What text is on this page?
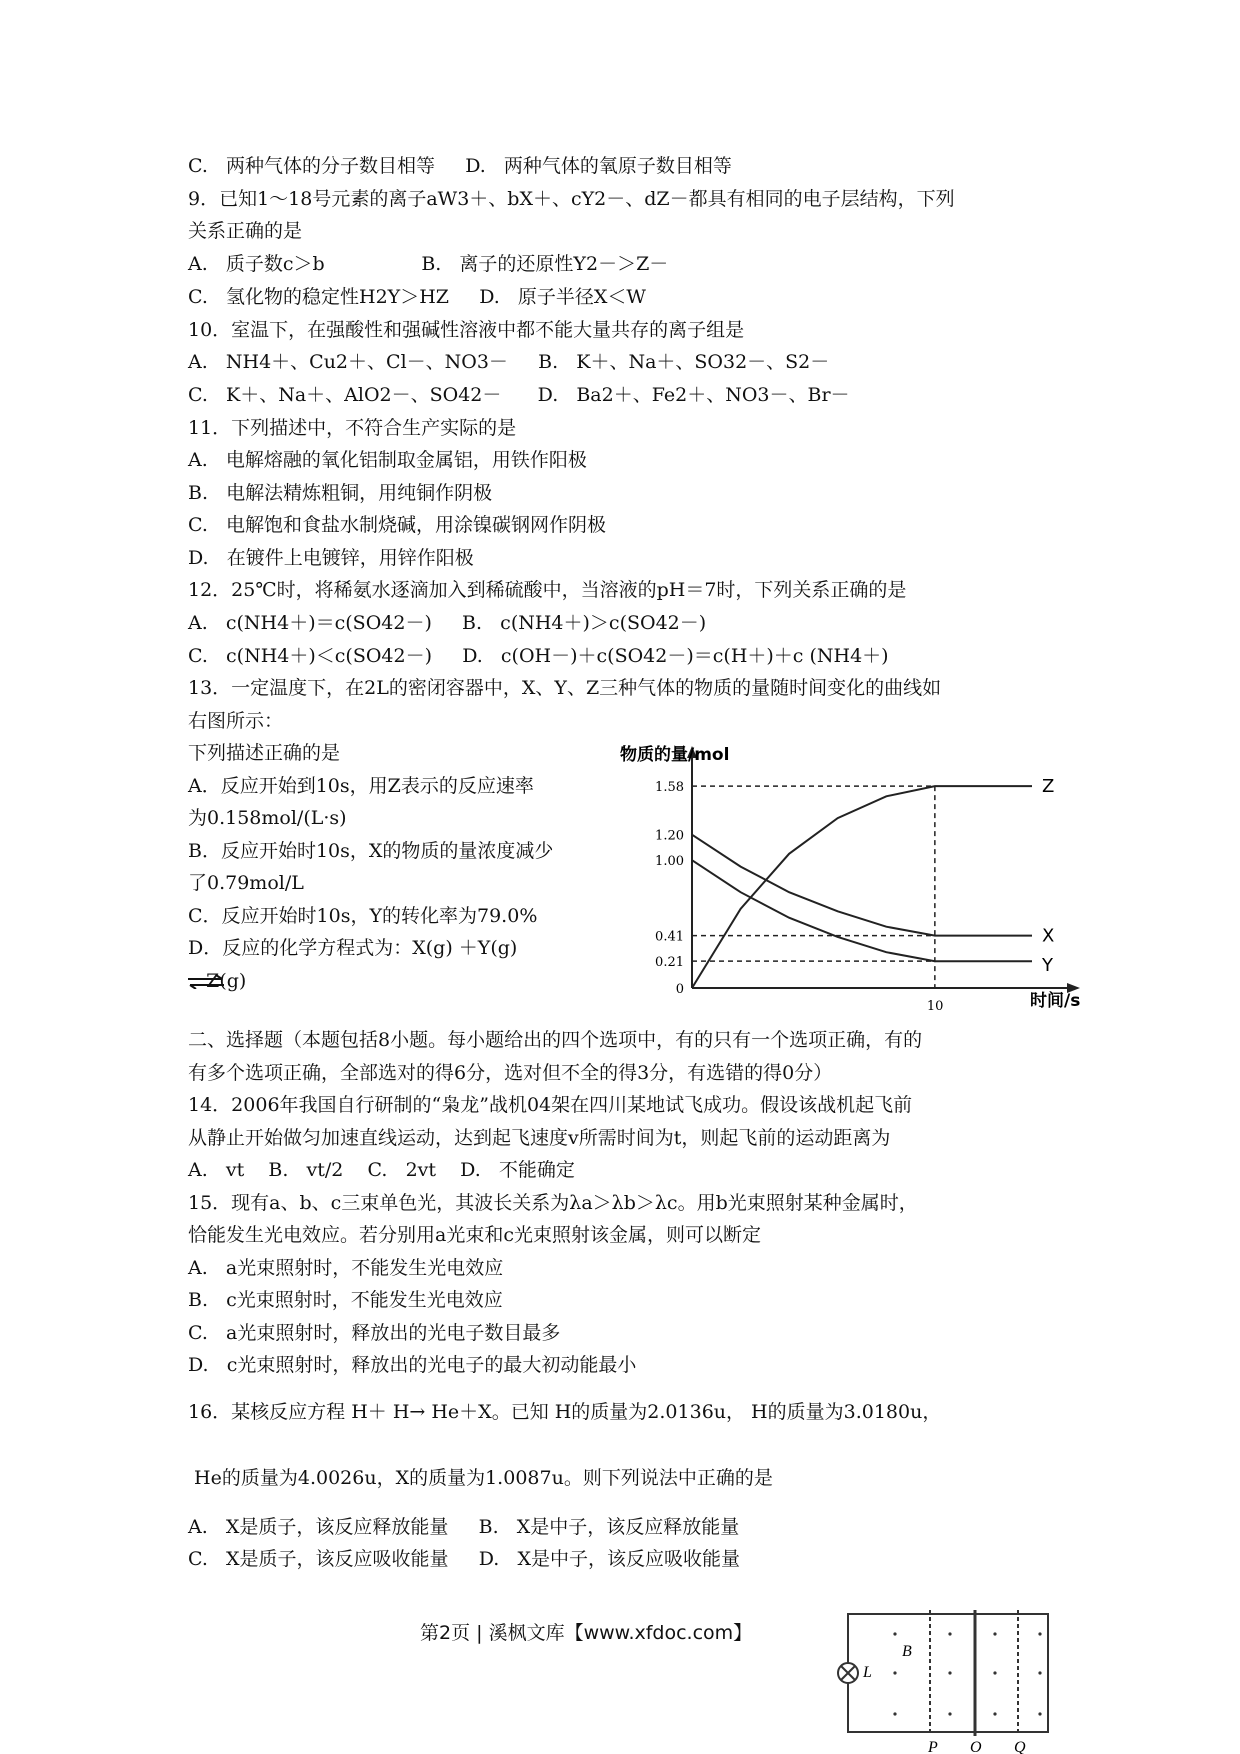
C.   两种气体的分子数目相等     D.   两种气体的氧原子数目相等
9．已知1～18号元素的离子aW3＋、bX＋、cY2－、dZ－都具有相同的电子层结构，下列
关系正确的是
A.   质子数c＞b                B.   离子的还原性Y2－＞Z－
C.   氢化物的稳定性H2Y＞HZ     D.   原子半径X＜W
10．室温下，在强酸性和强碱性溶液中都不能大量共存的离子组是
A.   NH4＋、Cu2＋、Cl－、NO3－     B.   K＋、Na＋、SO32－、S2－
C.   K＋、Na＋、AlO2－、SO42－      D.   Ba2＋、Fe2＋、NO3－、Br－
11．下列描述中，不符合生产实际的是
A.   电解熔融的氧化铝制取金属铝，用铁作阳极
B.   电解法精炼粗铜，用纯铜作阴极
C.   电解饱和食盐水制烧碱，用涂镍碳钢网作阴极
D.   在镀件上电镀锌，用锌作阳极
12．25℃时，将稀氨水逐滴加入到稀硫酸中，当溶液的pH＝7时，下列关系正确的是
A.   c(NH4＋)＝c(SO42－)     B.   c(NH4＋)＞c(SO42－)
C.   c(NH4＋)＜c(SO42－)     D.   c(OH－)＋c(SO42－)＝c(H＋)＋c (NH4＋)
13．一定温度下，在2L的密闭容器中，X、Y、Z三种气体的物质的量随时间变化的曲线如
右图所示：
下列描述正确的是
A．反应开始到10s，用Z表示的反应速率
为0.158mol/(L·s)
B．反应开始时10s，X的物质的量浓度减少
了0.79mol/L
C．反应开始时10s，Y的转化率为79.0%
D．反应的化学方程式为：X(g) ＋Y(g)
Z(g)
二、选择题（本题包括8小题。每小题给出的四个选项中，有的只有一个选项正确，有的
有多个选项正确，全部选对的得6分，选对但不全的得3分，有选错的得0分）
14．2006年我国自行研制的“枭龙”战机04架在四川某地试飞成功。假设该战机起飞前
从静止开始做匀加速直线运动，达到起飞速度v所需时间为t，则起飞前的运动距离为
A.   vt    B.   vt/2    C.   2vt    D.   不能确定
15．现有a、b、c三束单色光，其波长关系为λa＞λb＞λc。用b光束照射某种金属时，
恰能发生光电效应。若分别用a光束和c光束照射该金属，则可以断定
A.   a光束照射时，不能发生光电效应
B.   c光束照射时，不能发生光电效应
C.   a光束照射时，释放出的光电子数目最多
D.   c光束照射时，释放出的光电子的最大初动能最小
16．某核反应方程 H＋ H→ He＋X。已知 H的质量为2.0136u， H的质量为3.0180u，
He的质量为4.0026u，X的质量为1.0087u。则下列说法中正确的是
A.   X是质子，该反应释放能量     B.   X是中子，该反应释放能量
C.   X是质子，该反应吸收能量     D.   X是中子，该反应吸收能量
第2页 | 溪枫文库【www.xfdoc.com】
物质的量/mol
时间/s
1.58
1.20
1.00
0.41
0.21
0
10
Z
X
Y
B
L
P O Q
